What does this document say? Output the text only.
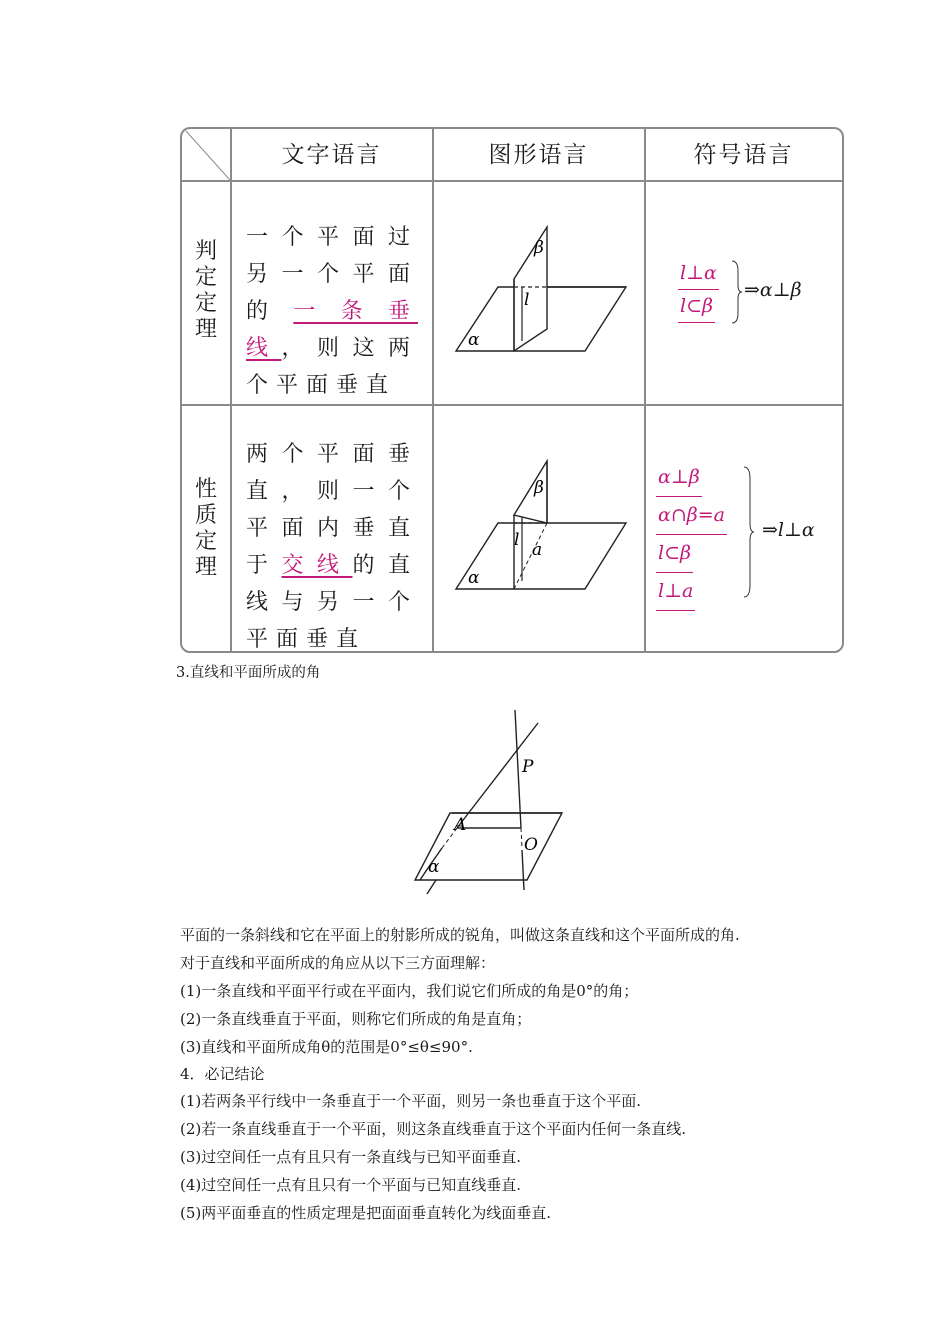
文字语言	图形语言	符号语言
判
定
定
理
一个平面过另一个平面的一条垂线，则这两个平面垂直
β
l
α
l⊥α
l⊂β
⇒α⊥β
性
质
定
理
两个平面垂直，则一个平面内垂直于交线的直线与另一个平面垂直
β
l a
α
α⊥β
α∩β=a
l⊂β
l⊥a
⇒l⊥α
3.直线和平面所成的角
P
A
O
α
平面的一条斜线和它在平面上的射影所成的锐角，叫做这条直线和这个平面所成的角.
对于直线和平面所成的角应从以下三方面理解：
(1)一条直线和平面平行或在平面内，我们说它们所成的角是0°的角；
(2)一条直线垂直于平面，则称它们所成的角是直角；
(3)直线和平面所成角θ的范围是0°≤θ≤90°.
4．必记结论
(1)若两条平行线中一条垂直于一个平面，则另一条也垂直于这个平面.
(2)若一条直线垂直于一个平面，则这条直线垂直于这个平面内任何一条直线.
(3)过空间任一点有且只有一条直线与已知平面垂直.
(4)过空间任一点有且只有一个平面与已知直线垂直.
(5)两平面垂直的性质定理是把面面垂直转化为线面垂直.
